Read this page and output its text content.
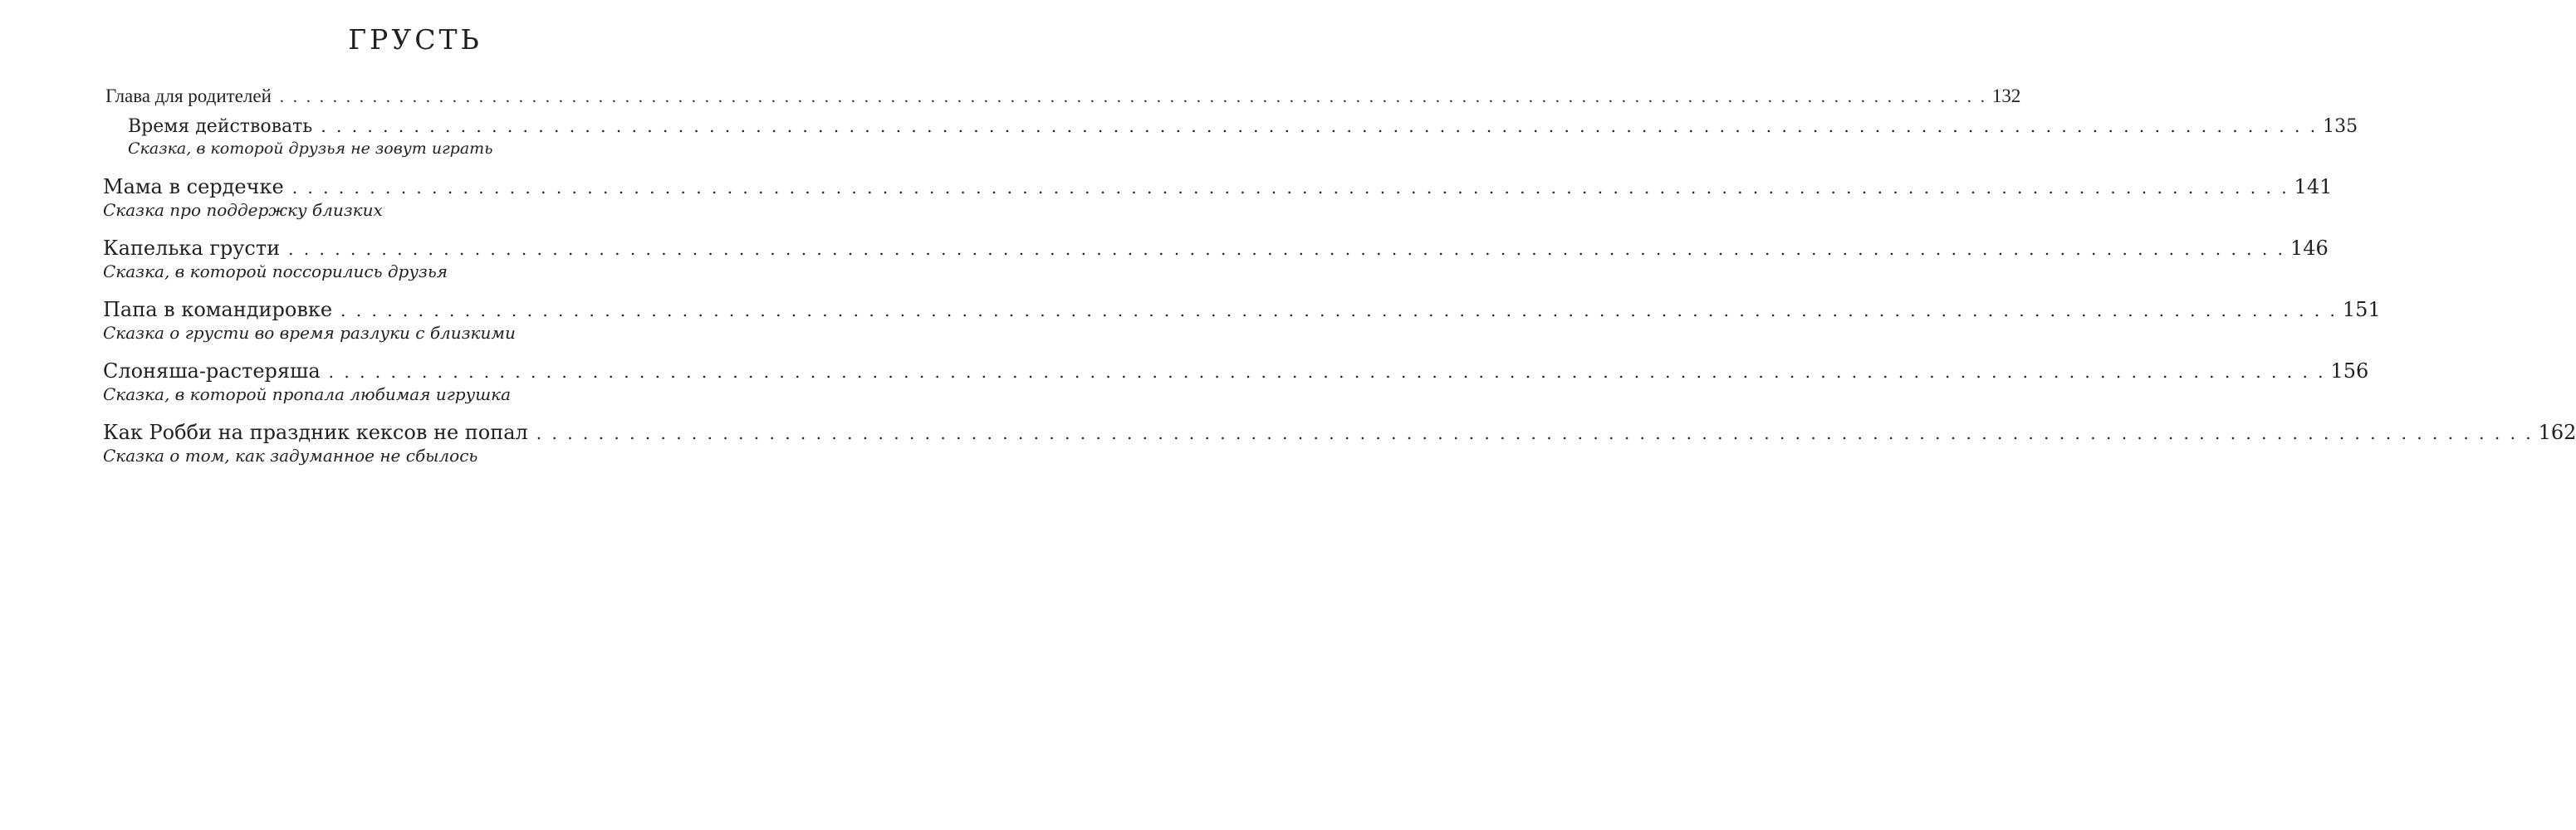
ГРУСТЬ
Глава для родителей . . . . . . . . . . . . . . . . . . . . . . . . . . . . . . . . . . . . . . . . . . . . . . . . . . . . . . . . . . . . . . . . . . . . . . . . . . . . . . . . . . . . . . . . . . . . . . . . . . . . . . . . . . . . . . . . . . . . . . . . . . . . . . . . . 132
Время действовать . . . . . . . . . . . . . . . . . . . . . . . . . . . . . . . . . . . . . . . . . . . . . . . . . . . . . . . . . . . . . . . . . . . . . . . . . . . . . . . . . . . . . . . . . . . . . . . . . . . . . . . . . . . . . . . . . . . . . . . . . . . . . . . . . 135
Сказка, в которой друзья не зовут играть
Мама в сердечке . . . . . . . . . . . . . . . . . . . . . . . . . . . . . . . . . . . . . . . . . . . . . . . . . . . . . . . . . . . . . . . . . . . . . . . . . . . . . . . . . . . . . . . . . . . . . . . . . . . . . . . . . . . . . . . . . . . . . . . . . . . . . . . . . 141
Сказка про поддержку близких
Капелька грусти . . . . . . . . . . . . . . . . . . . . . . . . . . . . . . . . . . . . . . . . . . . . . . . . . . . . . . . . . . . . . . . . . . . . . . . . . . . . . . . . . . . . . . . . . . . . . . . . . . . . . . . . . . . . . . . . . . . . . . . . . . . . . . . . . 146
Сказка, в которой поссорились друзья
Папа в командировке . . . . . . . . . . . . . . . . . . . . . . . . . . . . . . . . . . . . . . . . . . . . . . . . . . . . . . . . . . . . . . . . . . . . . . . . . . . . . . . . . . . . . . . . . . . . . . . . . . . . . . . . . . . . . . . . . . . . . . . . . . . . . . . . . 151
Сказка о грусти во время разлуки с близкими
Слоняша-растеряша . . . . . . . . . . . . . . . . . . . . . . . . . . . . . . . . . . . . . . . . . . . . . . . . . . . . . . . . . . . . . . . . . . . . . . . . . . . . . . . . . . . . . . . . . . . . . . . . . . . . . . . . . . . . . . . . . . . . . . . . . . . . . . . . . 156
Сказка, в которой пропала любимая игрушка
Как Робби на праздник кексов не попал . . . . . . . . . . . . . . . . . . . . . . . . . . . . . . . . . . . . . . . . . . . . . . . . . . . . . . . . . . . . . . . . . . . . . . . . . . . . . . . . . . . . . . . . . . . . . . . . . . . . . . . . . . . . . . . . . . . . . . . . . . . . . . . . . 162
Сказка о том, как задуманное не сбылось
